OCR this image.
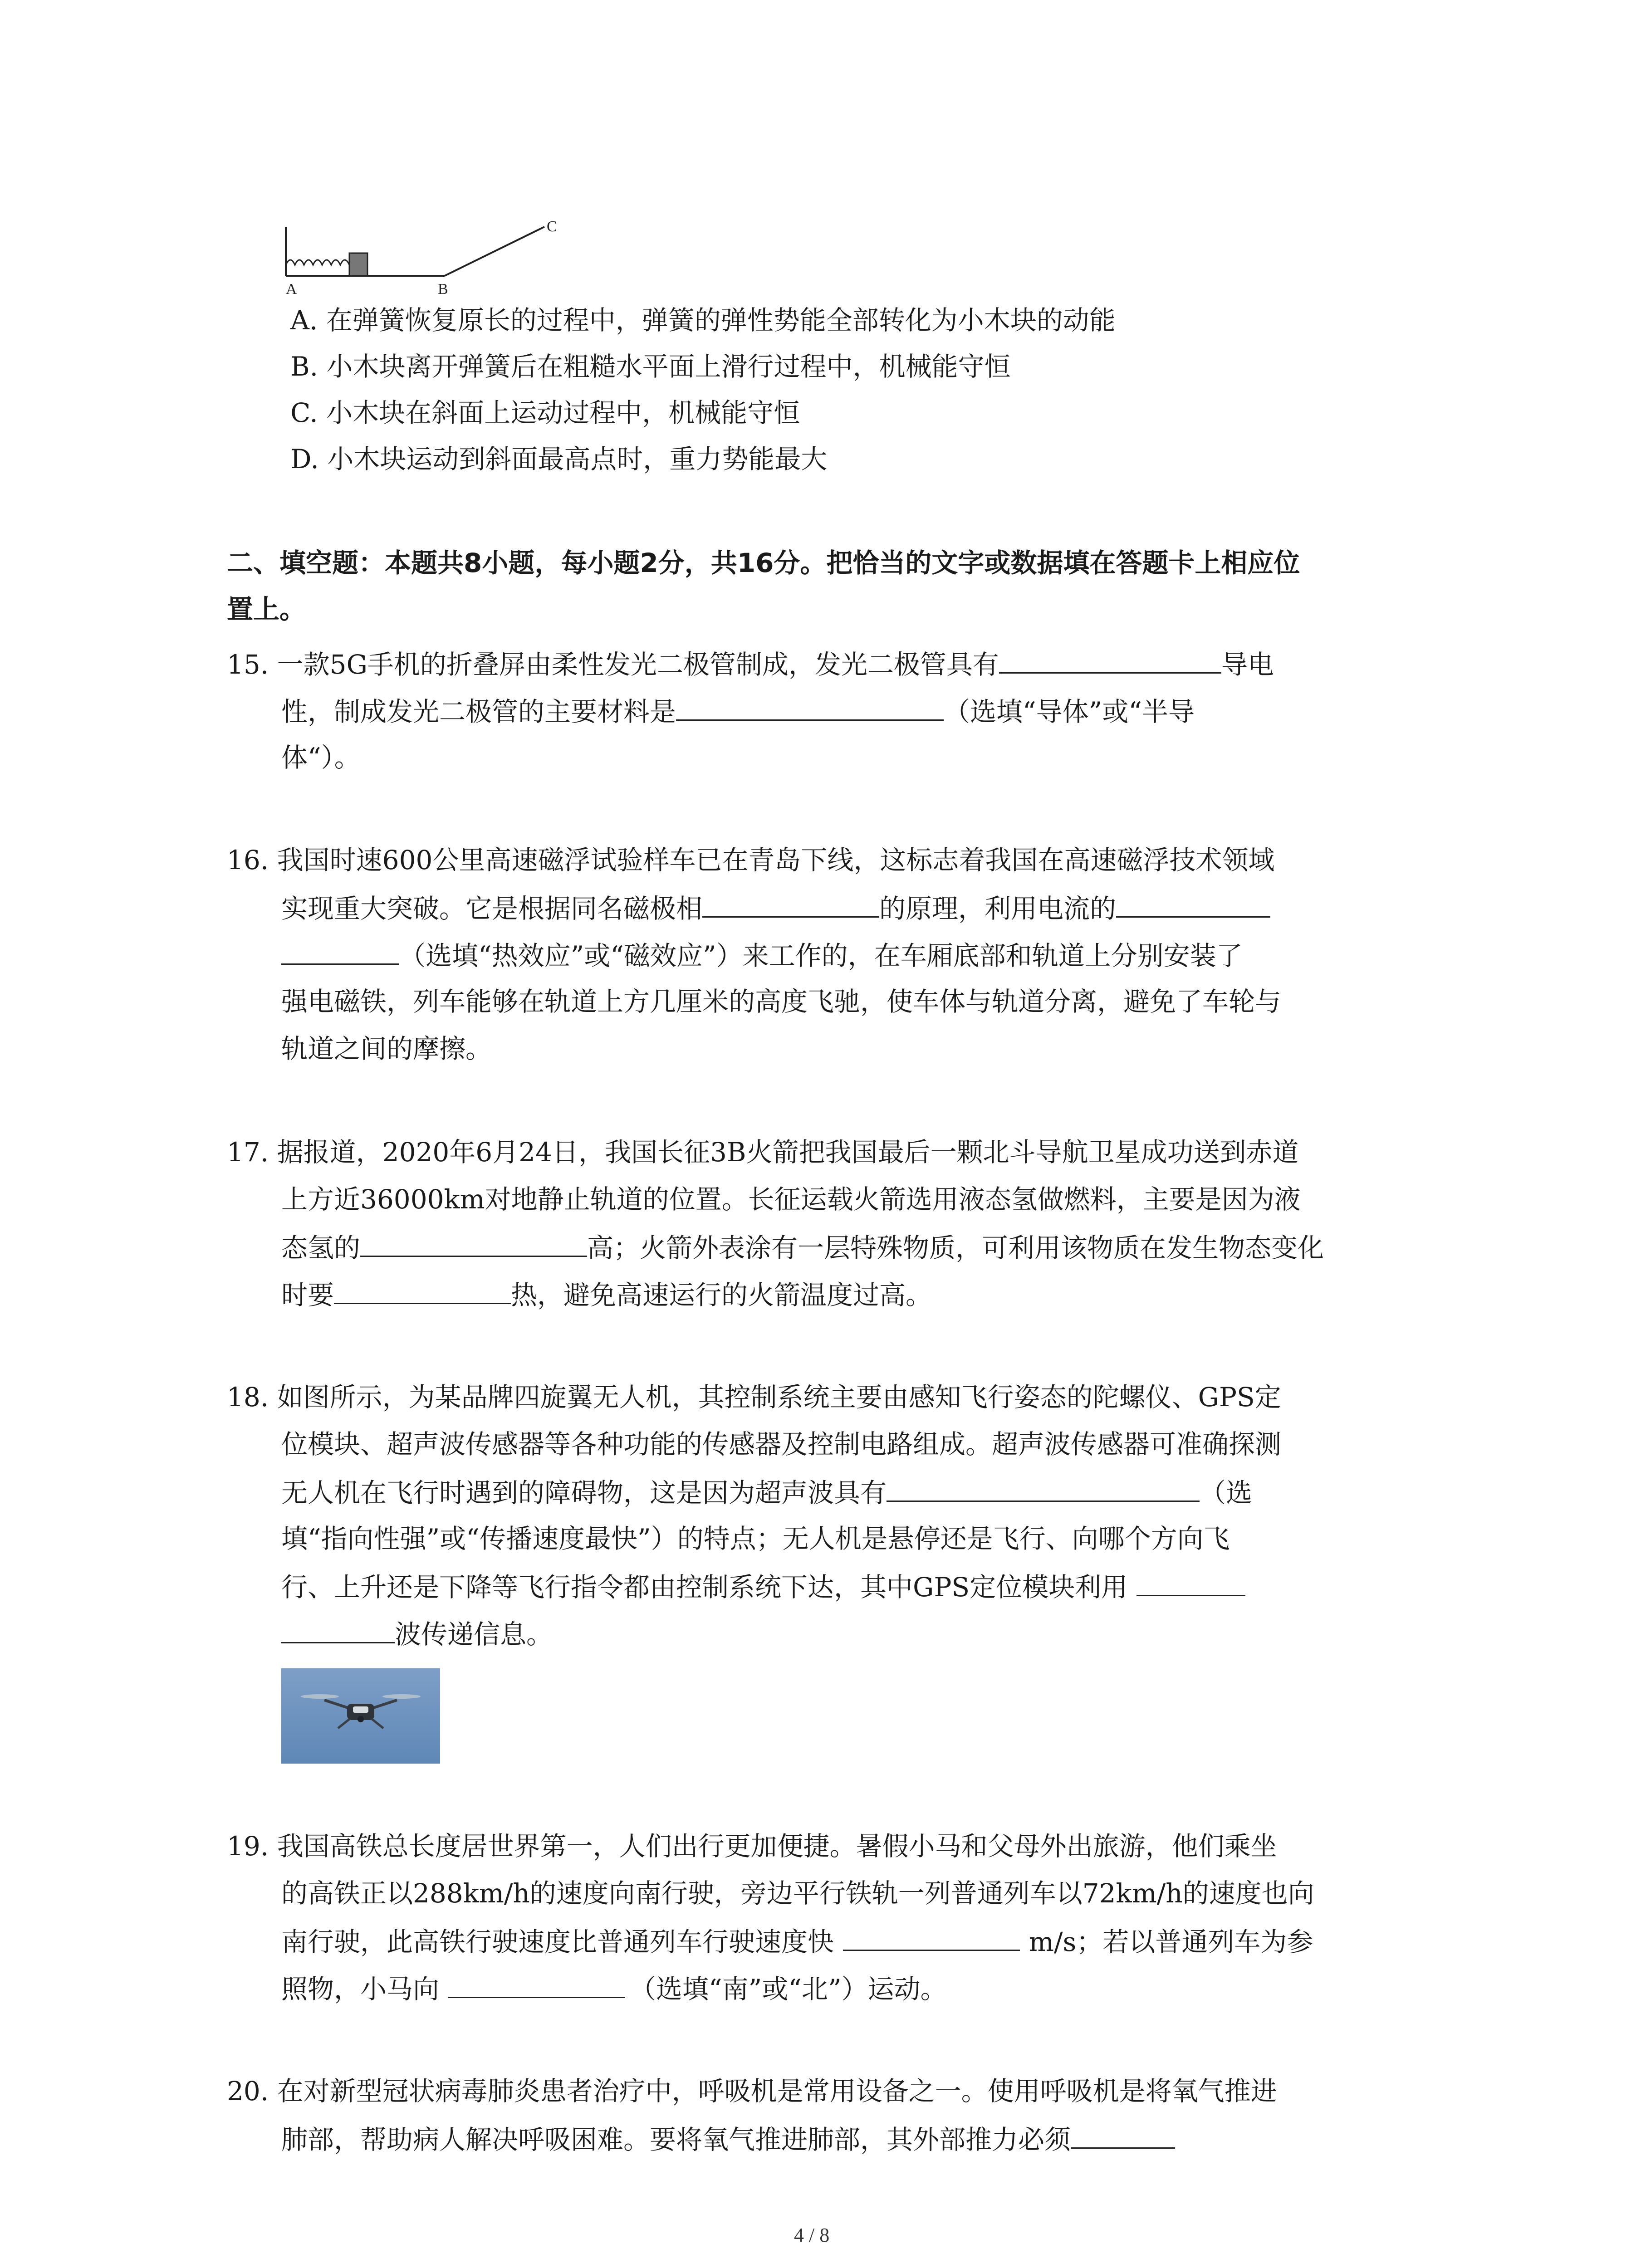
A	B
C
A. 在弹簧恢复原长的过程中，弹簧的弹性势能全部转化为小木块的动能
B. 小木块离开弹簧后在粗糙水平面上滑行过程中，机械能守恒
C. 小木块在斜面上运动过程中，机械能守恒
D. 小木块运动到斜面最高点时，重力势能最大
二、填空题：本题共8小题，每小题2分，共16分。把恰当的文字或数据填在答题卡上相应位
置上。
15. 一款5G手机的折叠屏由柔性发光二极管制成，发光二极管具有	导电
性，制成发光二极管的主要材料是	（选填“导体”或“半导
体“）。
16. 我国时速600公里高速磁浮试验样车已在青岛下线，这标志着我国在高速磁浮技术领域
实现重大突破。它是根据同名磁极相	的原理，利用电流的
（选填“热效应”或“磁效应”）来工作的，在车厢底部和轨道上分别安装了
强电磁铁，列车能够在轨道上方几厘米的高度飞驰，使车体与轨道分离，避免了车轮与
轨道之间的摩擦。
17. 据报道，2020年6月24日，我国长征3B火箭把我国最后一颗北斗导航卫星成功送到赤道
上方近36000km对地静止轨道的位置。长征运载火箭选用液态氢做燃料，主要是因为液
态氢的	高；火箭外表涂有一层特殊物质，可利用该物质在发生物态变化
时要	热，避免高速运行的火箭温度过高。
18. 如图所示，为某品牌四旋翼无人机，其控制系统主要由感知飞行姿态的陀螺仪、GPS定
位模块、超声波传感器等各种功能的传感器及控制电路组成。超声波传感器可准确探测
无人机在飞行时遇到的障碍物，这是因为超声波具有	（选
填“指向性强”或“传播速度最快”）的特点；无人机是悬停还是飞行、向哪个方向飞
行、上升还是下降等飞行指令都由控制系统下达，其中GPS定位模块利用
波传递信息。
19. 我国高铁总长度居世界第一，人们出行更加便捷。暑假小马和父母外出旅游，他们乘坐
的高铁正以288km/h的速度向南行驶，旁边平行铁轨一列普通列车以72km/h的速度也向
南行驶，此高铁行驶速度比普通列车行驶速度快	m/s；若以普通列车为参
照物，小马向	（选填“南”或“北”）运动。
20. 在对新型冠状病毒肺炎患者治疗中，呼吸机是常用设备之一。使用呼吸机是将氧气推进
肺部，帮助病人解决呼吸困难。要将氧气推进肺部，其外部推力必须
4 / 8
